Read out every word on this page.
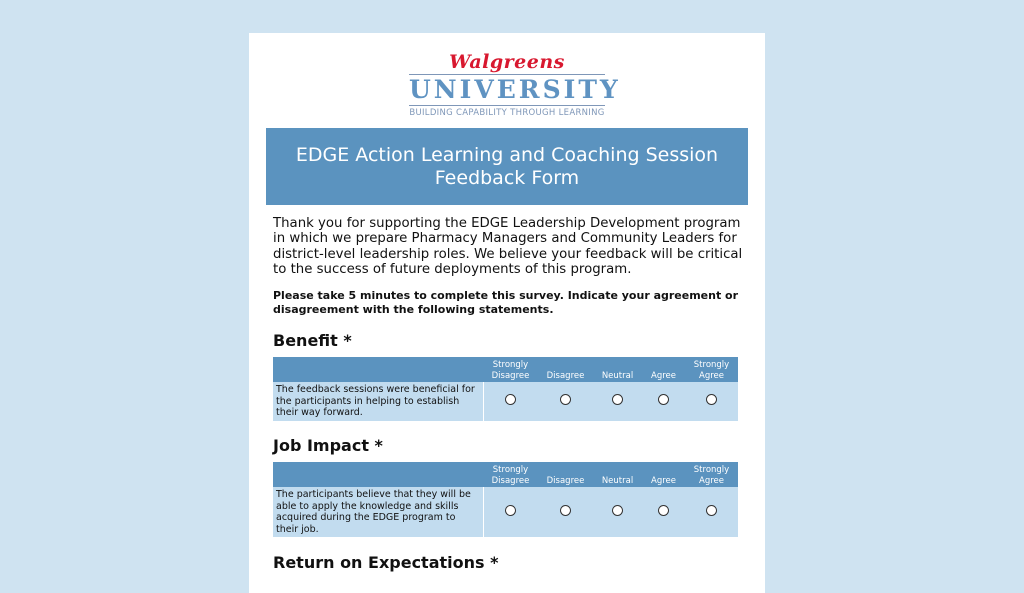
Walgreens
UNIVERSITY
BUILDING CAPABILITY THROUGH LEARNING
EDGE Action Learning and Coaching Session Feedback Form
Thank you for supporting the EDGE Leadership Development program in which we prepare Pharmacy Managers and Community Leaders for district-level leadership roles. We believe your feedback will be critical to the success of future deployments of this program.
Please take 5 minutes to complete this survey. Indicate your agreement or disagreement with the following statements.
Benefit *
	Strongly Disagree	Disagree	Neutral	Agree	Strongly Agree
The feedback sessions were beneficial for the participants in helping to establish their way forward.					
Job Impact *
	Strongly Disagree	Disagree	Neutral	Agree	Strongly Agree
The participants believe that they will be able to apply the knowledge and skills acquired during the EDGE program to their job.					
Return on Expectations *
